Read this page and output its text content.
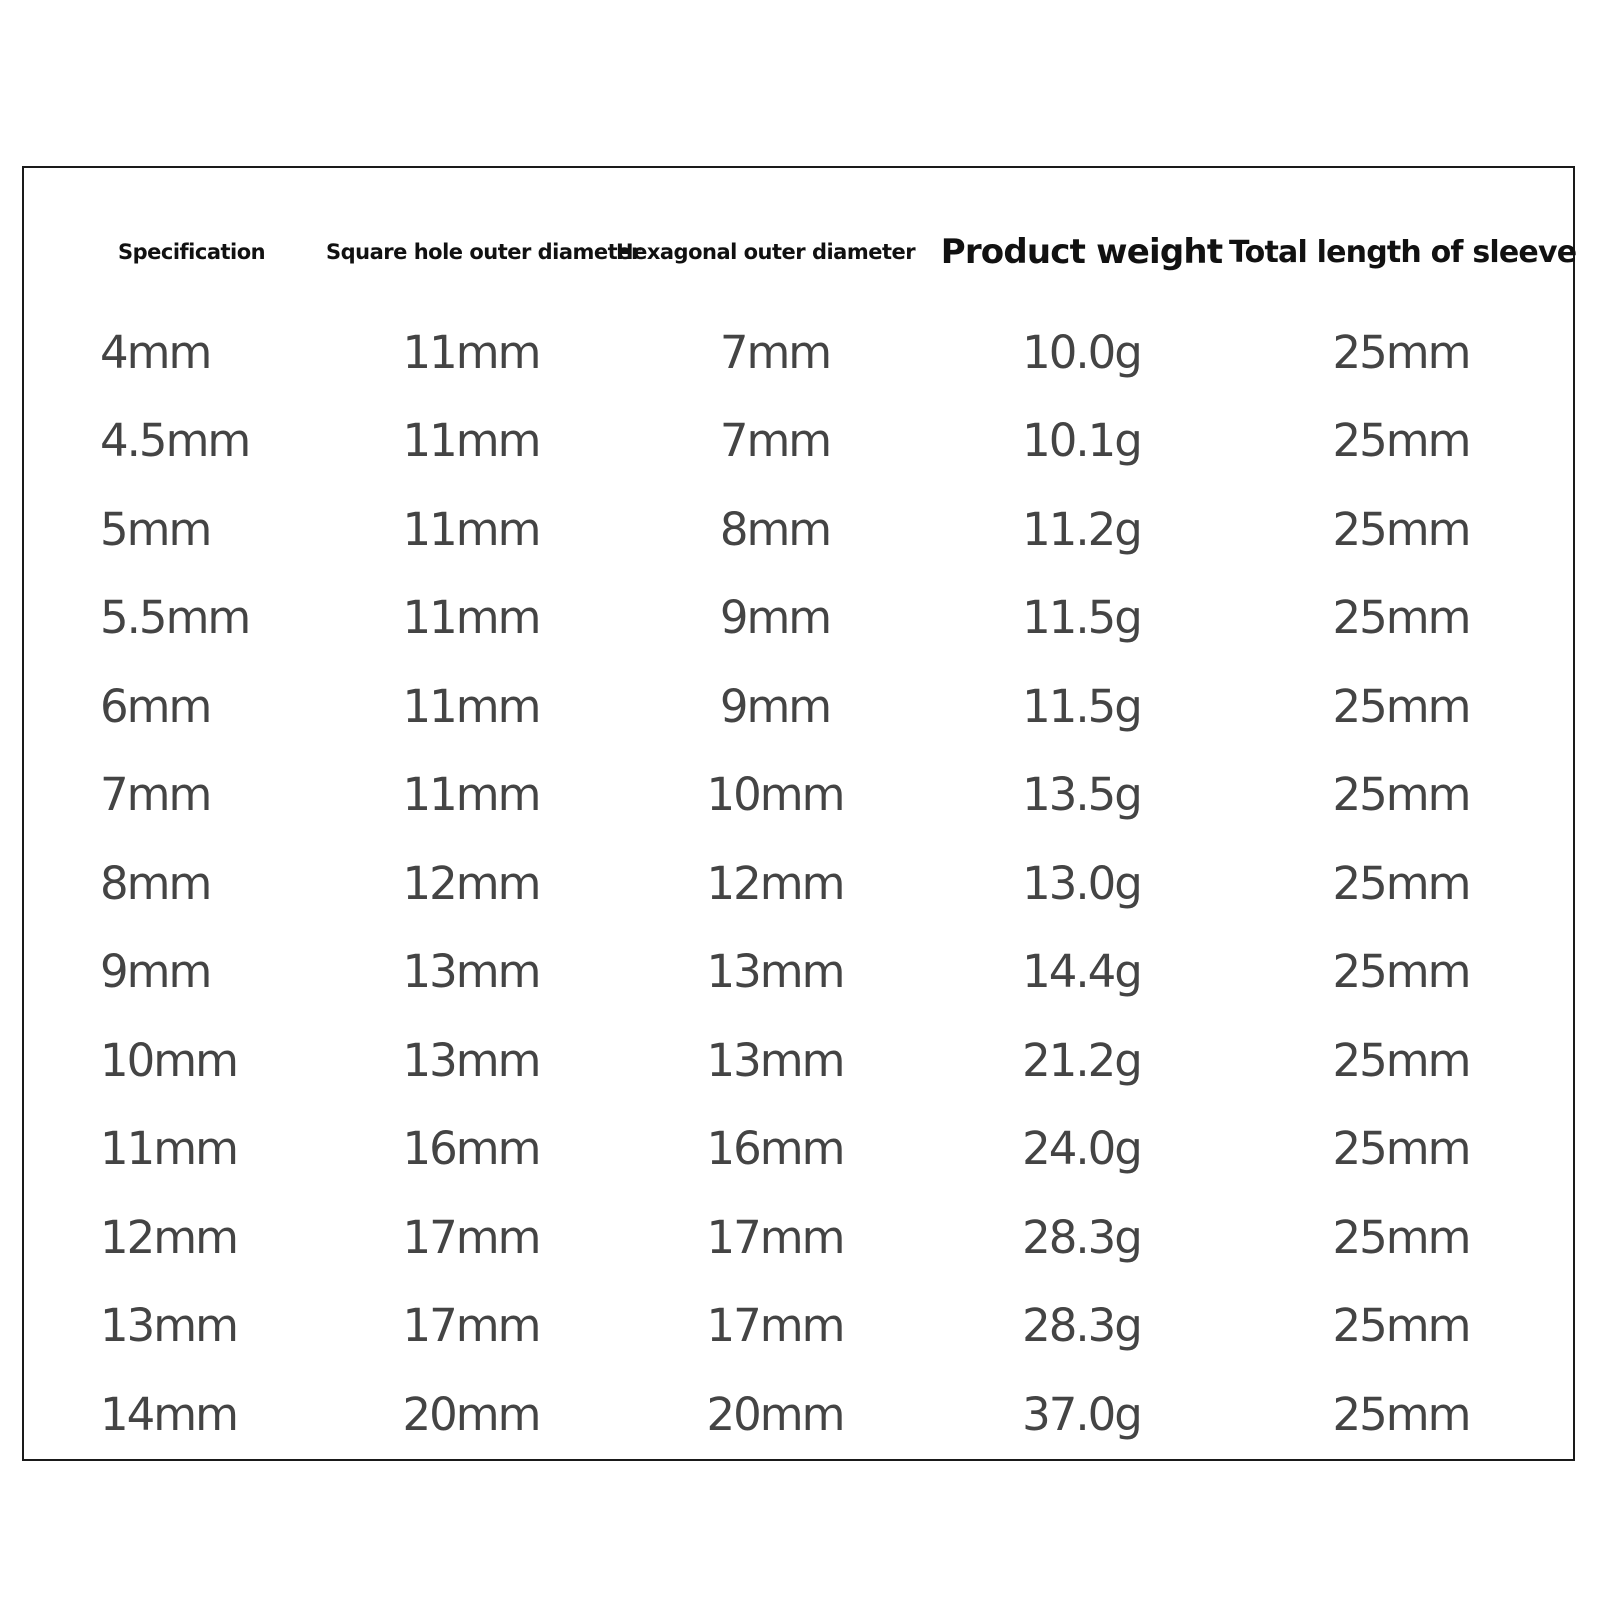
Specification	Square hole outer diameter	Hexagonal outer diameter	Product weight	Total length of sleeve
4mm	11mm	7mm	10.0g	25mm
4.5mm	11mm	7mm	10.1g	25mm
5mm	11mm	8mm	11.2g	25mm
5.5mm	11mm	9mm	11.5g	25mm
6mm	11mm	9mm	11.5g	25mm
7mm	11mm	10mm	13.5g	25mm
8mm	12mm	12mm	13.0g	25mm
9mm	13mm	13mm	14.4g	25mm
10mm	13mm	13mm	21.2g	25mm
11mm	16mm	16mm	24.0g	25mm
12mm	17mm	17mm	28.3g	25mm
13mm	17mm	17mm	28.3g	25mm
14mm	20mm	20mm	37.0g	25mm
